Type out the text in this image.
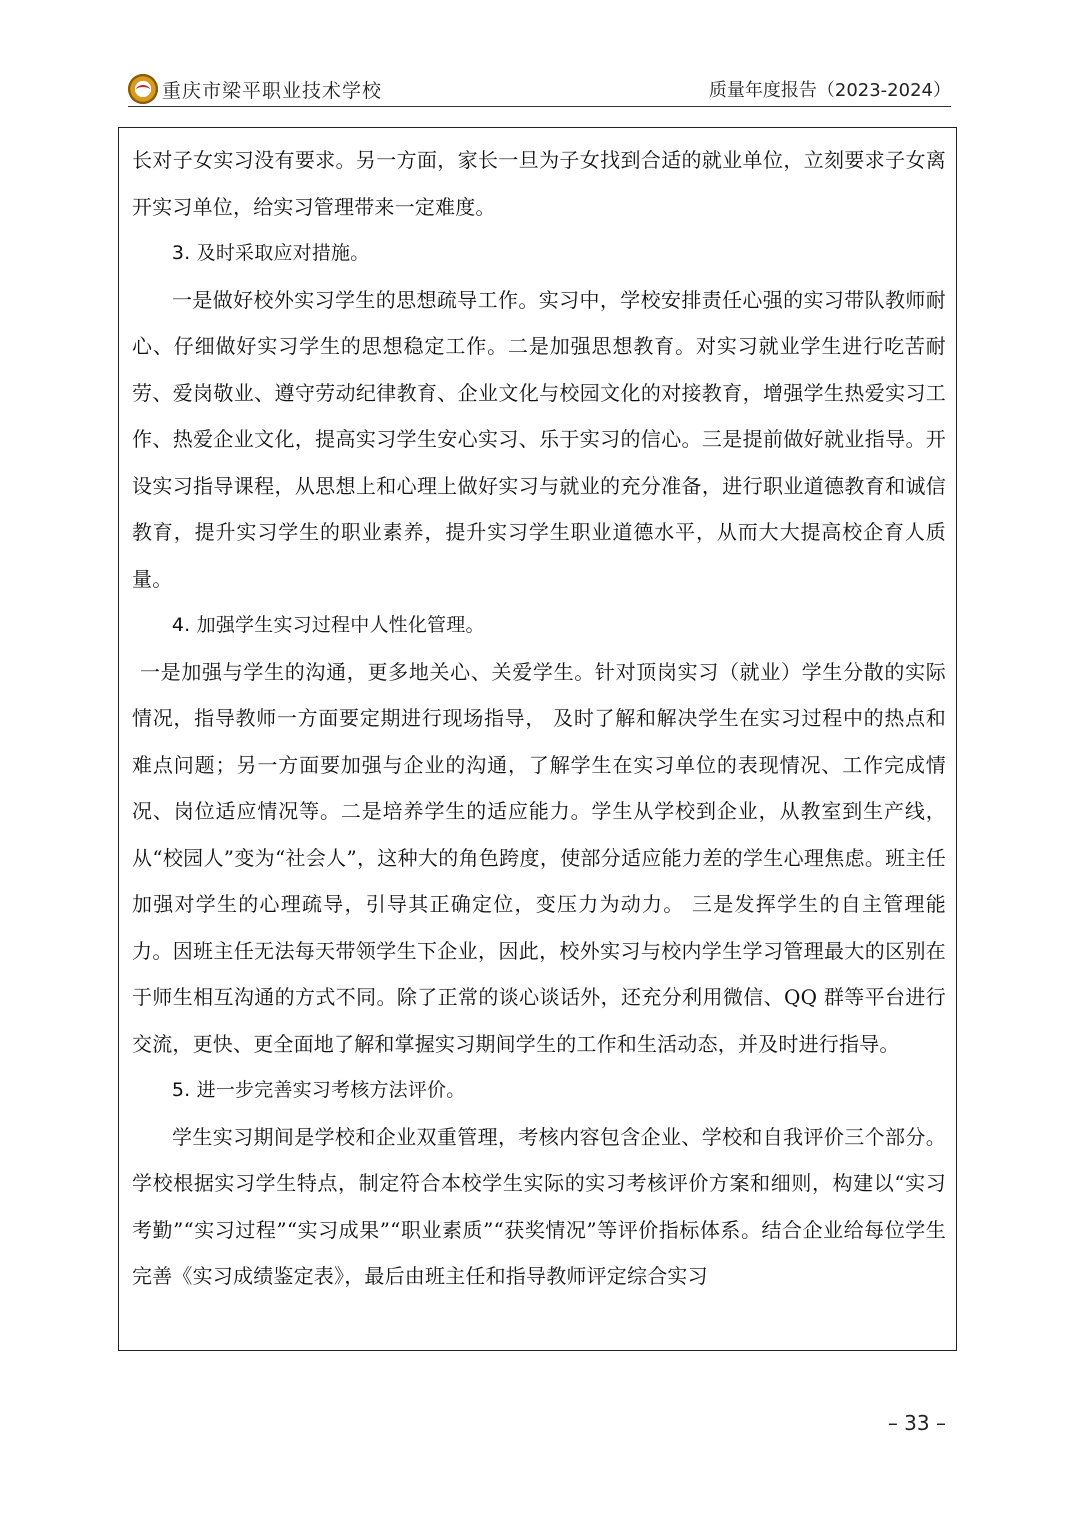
重庆市梁平职业技术学校	质量年度报告（2023-2024）

长对子女实习没有要求。另一方面，家长一旦为子女找到合适的就业单位，立刻要求子女离开实习单位，给实习管理带来一定难度。

3. 及时采取应对措施。

一是做好校外实习学生的思想疏导工作。实习中，学校安排责任心强的实习带队教师耐心、仔细做好实习学生的思想稳定工作。二是加强思想教育。对实习就业学生进行吃苦耐劳、爱岗敬业、遵守劳动纪律教育、企业文化与校园文化的对接教育，增强学生热爱实习工作、热爱企业文化，提高实习学生安心实习、乐于实习的信心。三是提前做好就业指导。开设实习指导课程，从思想上和心理上做好实习与就业的充分准备，进行职业道德教育和诚信教育，提升实习学生的职业素养，提升实习学生职业道德水平，从而大大提高校企育人质量。

4. 加强学生实习过程中人性化管理。

一是加强与学生的沟通，更多地关心、关爱学生。针对顶岗实习（就业）学生分散的实际情况，指导教师一方面要定期进行现场指导， 及时了解和解决学生在实习过程中的热点和难点问题；另一方面要加强与企业的沟通，了解学生在实习单位的表现情况、工作完成情况、岗位适应情况等。二是培养学生的适应能力。学生从学校到企业，从教室到生产线，从“校园人”变为“社会人”，这种大的角色跨度，使部分适应能力差的学生心理焦虑。班主任加强对学生的心理疏导，引导其正确定位，变压力为动力。 三是发挥学生的自主管理能力。因班主任无法每天带领学生下企业，因此，校外实习与校内学生学习管理最大的区别在于师生相互沟通的方式不同。除了正常的谈心谈话外，还充分利用微信、QQ 群等平台进行交流，更快、更全面地了解和掌握实习期间学生的工作和生活动态，并及时进行指导。

5. 进一步完善实习考核方法评价。

学生实习期间是学校和企业双重管理，考核内容包含企业、学校和自我评价三个部分。学校根据实习学生特点，制定符合本校学生实际的实习考核评价方案和细则，构建以“实习考勤”“实习过程”“实习成果”“职业素质”“获奖情况”等评价指标体系。结合企业给每位学生完善《实习成绩鉴定表》，最后由班主任和指导教师评定综合实习

– 33 –
